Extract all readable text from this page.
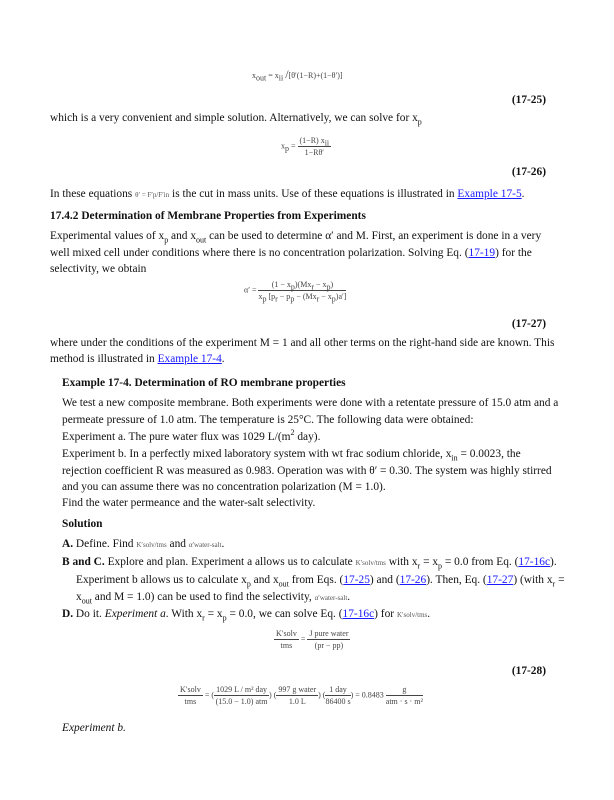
$x_{out} = x_{ii}$ /[θ′(1−R)+(1−θ′)]
(17-25)
which is a very convenient and simple solution. Alternatively, we can solve for $x_p$
$x_p = \frac{(1-R) x_{ii}}{1-R\theta'}$
(17-26)
In these equations θ′ = F′p/F′in is the cut in mass units. Use of these equations is illustrated in Example 17-5.
17.4.2 Determination of Membrane Properties from Experiments
Experimental values of $x_p$ and $x_{out}$ can be used to determine α′ and M. First, an experiment is done in a very well mixed cell under conditions where there is no concentration polarization. Solving Eq. (17-19) for the selectivity, we obtain
$\alpha' = \frac{(1 - x_p)(Mx_r - x_p)}{x_p [p_r - p_p - (Mx_r - x_p)a']}$
(17-27)
where under the conditions of the experiment M = 1 and all other terms on the right-hand side are known. This method is illustrated in Example 17-4.
Example 17-4. Determination of RO membrane properties
We test a new composite membrane. Both experiments were done with a retentate pressure of 15.0 atm and a permeate pressure of 1.0 atm. The temperature is 25°C. The following data were obtained:
Experiment a. The pure water flux was 1029 $L/(m^2$ day).
Experiment b. In a perfectly mixed laboratory system with wt frac sodium chloride, $x_{in} = 0.0023$, the rejection coefficient R was measured as 0.983. Operation was with θ′ = 0.30. The system was highly stirred and you can assume there was no concentration polarization (M = 1.0).
Find the water permeance and the water-salt selectivity.
Solution
A. Define. Find K′solv/tms and α′water-salt.
B and C. Explore and plan. Experiment a allows us to calculate K′solv/tms with $x_r = x_p = 0.0$ from Eq. (17-16c). Experiment b allows us to calculate $x_p$ and $x_{out}$ from Eqs. (17-25) and (17-26). Then, Eq. (17-27) (with $x_r = x_{out}$ and M = 1.0) can be used to find the selectivity, α′water-salt.
D. Do it. Experiment a. With $x_r = x_p = 0.0$, we can solve Eq. (17-16c) for K′solv/tms.
$\frac{\text{K′solv}}{\text{tms}} = \frac{\text{J pure water}}{(pr - pp)}$
(17-28)
$\frac{\text{K′solv}}{\text{tms}}$ = ( $\frac{\text{1029 L / m² day}}{\text{(15.0 − 1.0) atm}}$ ) ( $\frac{\text{997 g water}}{1.0 L}$ ) ( $\frac{\text{1 day}}{86400 s}$ ) = $0.8483 \frac{g}{\text{atm · s · m²}}$
Experiment b.
